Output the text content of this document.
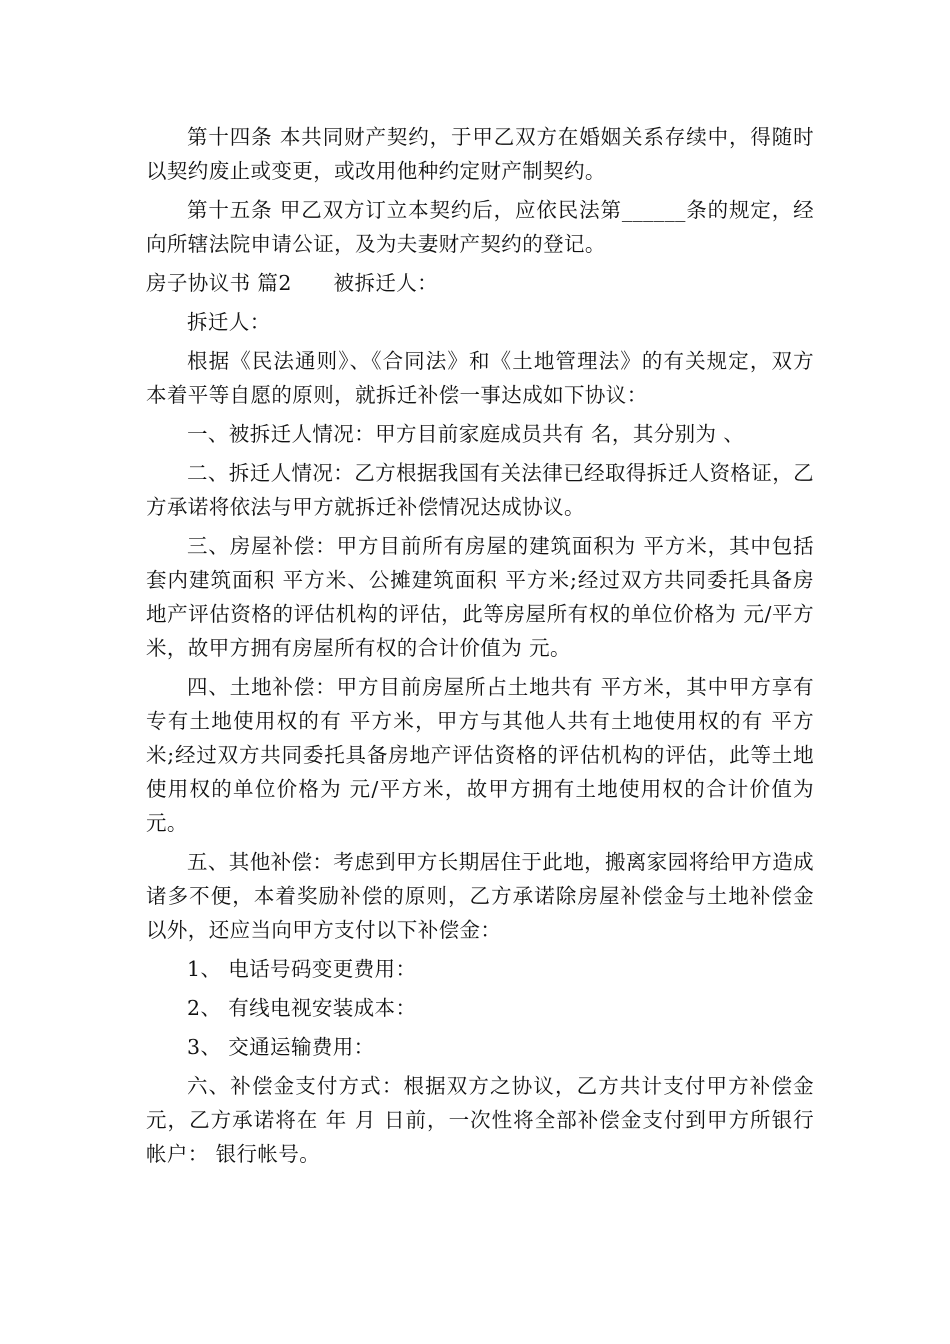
第十四条 本共同财产契约，于甲乙双方在婚姻关系存续中，得随时以契约废止或变更，或改用他种约定财产制契约。

第十五条 甲乙双方订立本契约后，应依民法第______条的规定，经向所辖法院申请公证，及为夫妻财产契约的登记。

房子协议书 篇2　　被拆迁人：

拆迁人：

根据《民法通则》、《合同法》和《土地管理法》的有关规定，双方本着平等自愿的原则，就拆迁补偿一事达成如下协议：

一、被拆迁人情况：甲方目前家庭成员共有 名，其分别为 、

二、拆迁人情况：乙方根据我国有关法律已经取得拆迁人资格证，乙方承诺将依法与甲方就拆迁补偿情况达成协议。

三、房屋补偿：甲方目前所有房屋的建筑面积为 平方米，其中包括套内建筑面积 平方米、公摊建筑面积 平方米;经过双方共同委托具备房地产评估资格的评估机构的评估，此等房屋所有权的单位价格为 元/平方米，故甲方拥有房屋所有权的合计价值为 元。

四、土地补偿：甲方目前房屋所占土地共有 平方米，其中甲方享有专有土地使用权的有 平方米，甲方与其他人共有土地使用权的有 平方米;经过双方共同委托具备房地产评估资格的评估机构的评估，此等土地使用权的单位价格为 元/平方米，故甲方拥有土地使用权的合计价值为 元。

五、其他补偿：考虑到甲方长期居住于此地，搬离家园将给甲方造成诸多不便，本着奖励补偿的原则，乙方承诺除房屋补偿金与土地补偿金以外，还应当向甲方支付以下补偿金：

1、 电话号码变更费用：

2、 有线电视安装成本：

3、 交通运输费用：

六、补偿金支付方式：根据双方之协议，乙方共计支付甲方补偿金 元，乙方承诺将在 年 月 日前，一次性将全部补偿金支付到甲方所银行帐户： 银行帐号。
